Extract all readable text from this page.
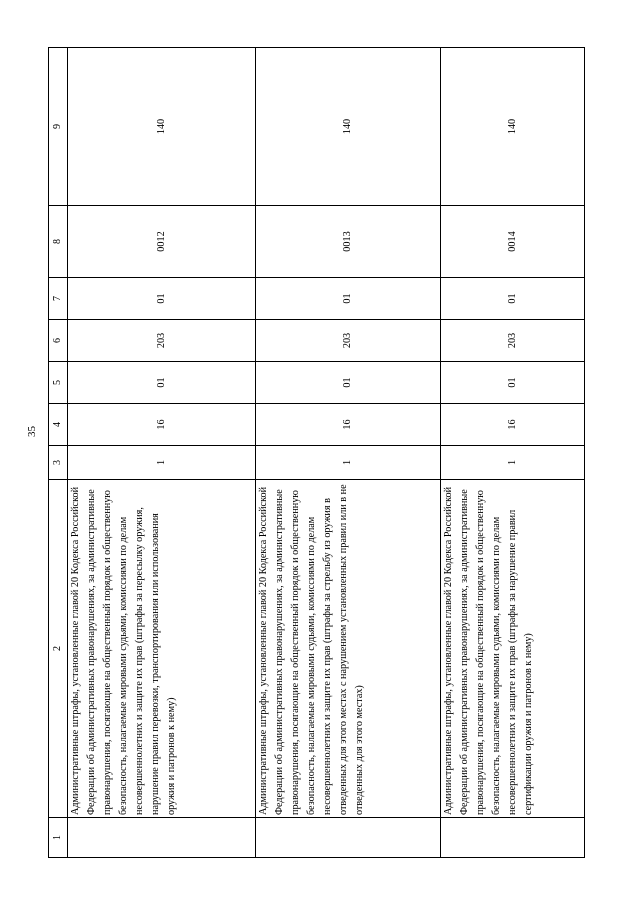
35
1	2	3	4	5	6	7	8	9
	Административные штрафы, установленные главой 20 Кодекса Российской Федерации об административных правонарушениях, за административные правонарушения, посягающие на общественный порядок и общественную безопасность, налагаемые мировыми судьями, комиссиями по делам несовершеннолетних и защите их прав (штрафы за пересылку оружия, нарушение правил перевозки, транспортирования или использования оружия и патронов к нему)	1	16	01	203	01	0012	140
	Административные штрафы, установленные главой 20 Кодекса Российской Федерации об административных правонарушениях, за административные правонарушения, посягающие на общественный порядок и общественную безопасность, налагаемые мировыми судьями, комиссиями по делам несовершеннолетних и защите их прав (штрафы за стрельбу из оружия в отведенных для этого местах с нарушением установленных правил или в не отведенных для этого местах)	1	16	01	203	01	0013	140
	Административные штрафы, установленные главой 20 Кодекса Российской Федерации об административных правонарушениях, за административные правонарушения, посягающие на общественный порядок и общественную безопасность, налагаемые мировыми судьями, комиссиями по делам несовершеннолетних и защите их прав (штрафы за нарушение правил сертификации оружия и патронов к нему)	1	16	01	203	01	0014	140
